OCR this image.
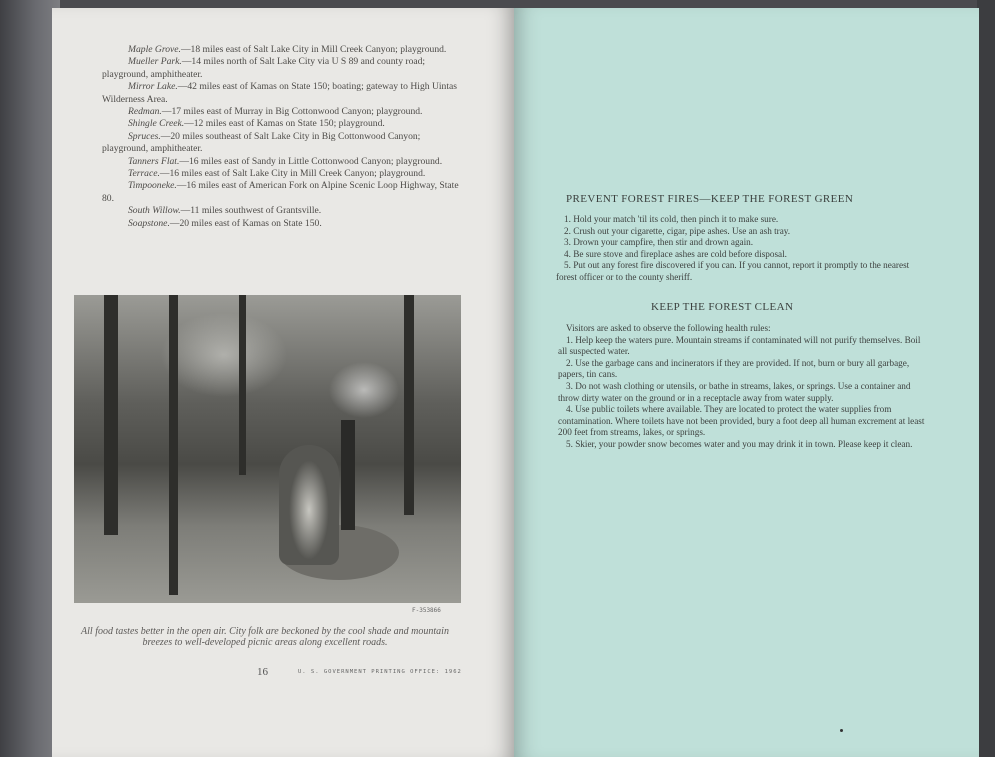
Maple Grove.—18 miles east of Salt Lake City in Mill Creek Canyon; playground.

Mueller Park.—14 miles north of Salt Lake City via U S 89 and county road; playground, amphitheater.

Mirror Lake.—42 miles east of Kamas on State 150; boating; gateway to High Uintas Wilderness Area.

Redman.—17 miles east of Murray in Big Cottonwood Canyon; playground.

Shingle Creek.—12 miles east of Kamas on State 150; playground.

Spruces.—20 miles southeast of Salt Lake City in Big Cottonwood Canyon; playground, amphitheater.

Tanners Flat.—16 miles east of Sandy in Little Cottonwood Canyon; playground.

Terrace.—16 miles east of Salt Lake City in Mill Creek Canyon; playground.

Timpooneke.—16 miles east of American Fork on Alpine Scenic Loop Highway, State 80.

South Willow.—11 miles southwest of Grantsville.

Soapstone.—20 miles east of Kamas on State 150.

F-353866
All food tastes better in the open air. City folk are beckoned by the cool shade and mountain breezes to well-developed picnic areas along excellent roads.
16	U. S. GOVERNMENT PRINTING OFFICE: 1962
PREVENT FOREST FIRES—KEEP THE FOREST GREEN

1. Hold your match 'til its cold, then pinch it to make sure.

2. Crush out your cigarette, cigar, pipe ashes. Use an ash tray.

3. Drown your campfire, then stir and drown again.

4. Be sure stove and fireplace ashes are cold before disposal.

5. Put out any forest fire discovered if you can. If you cannot, report it promptly to the nearest forest officer or to the county sheriff.

KEEP THE FOREST CLEAN

Visitors are asked to observe the following health rules:

1. Help keep the waters pure. Mountain streams if contaminated will not purify themselves. Boil all suspected water.

2. Use the garbage cans and incinerators if they are provided. If not, burn or bury all garbage, papers, tin cans.

3. Do not wash clothing or utensils, or bathe in streams, lakes, or springs. Use a container and throw dirty water on the ground or in a receptacle away from water supply.

4. Use public toilets where available. They are located to protect the water supplies from contamination. Where toilets have not been provided, bury a foot deep all human excrement at least 200 feet from streams, lakes, or springs.

5. Skier, your powder snow becomes water and you may drink it in town. Please keep it clean.
